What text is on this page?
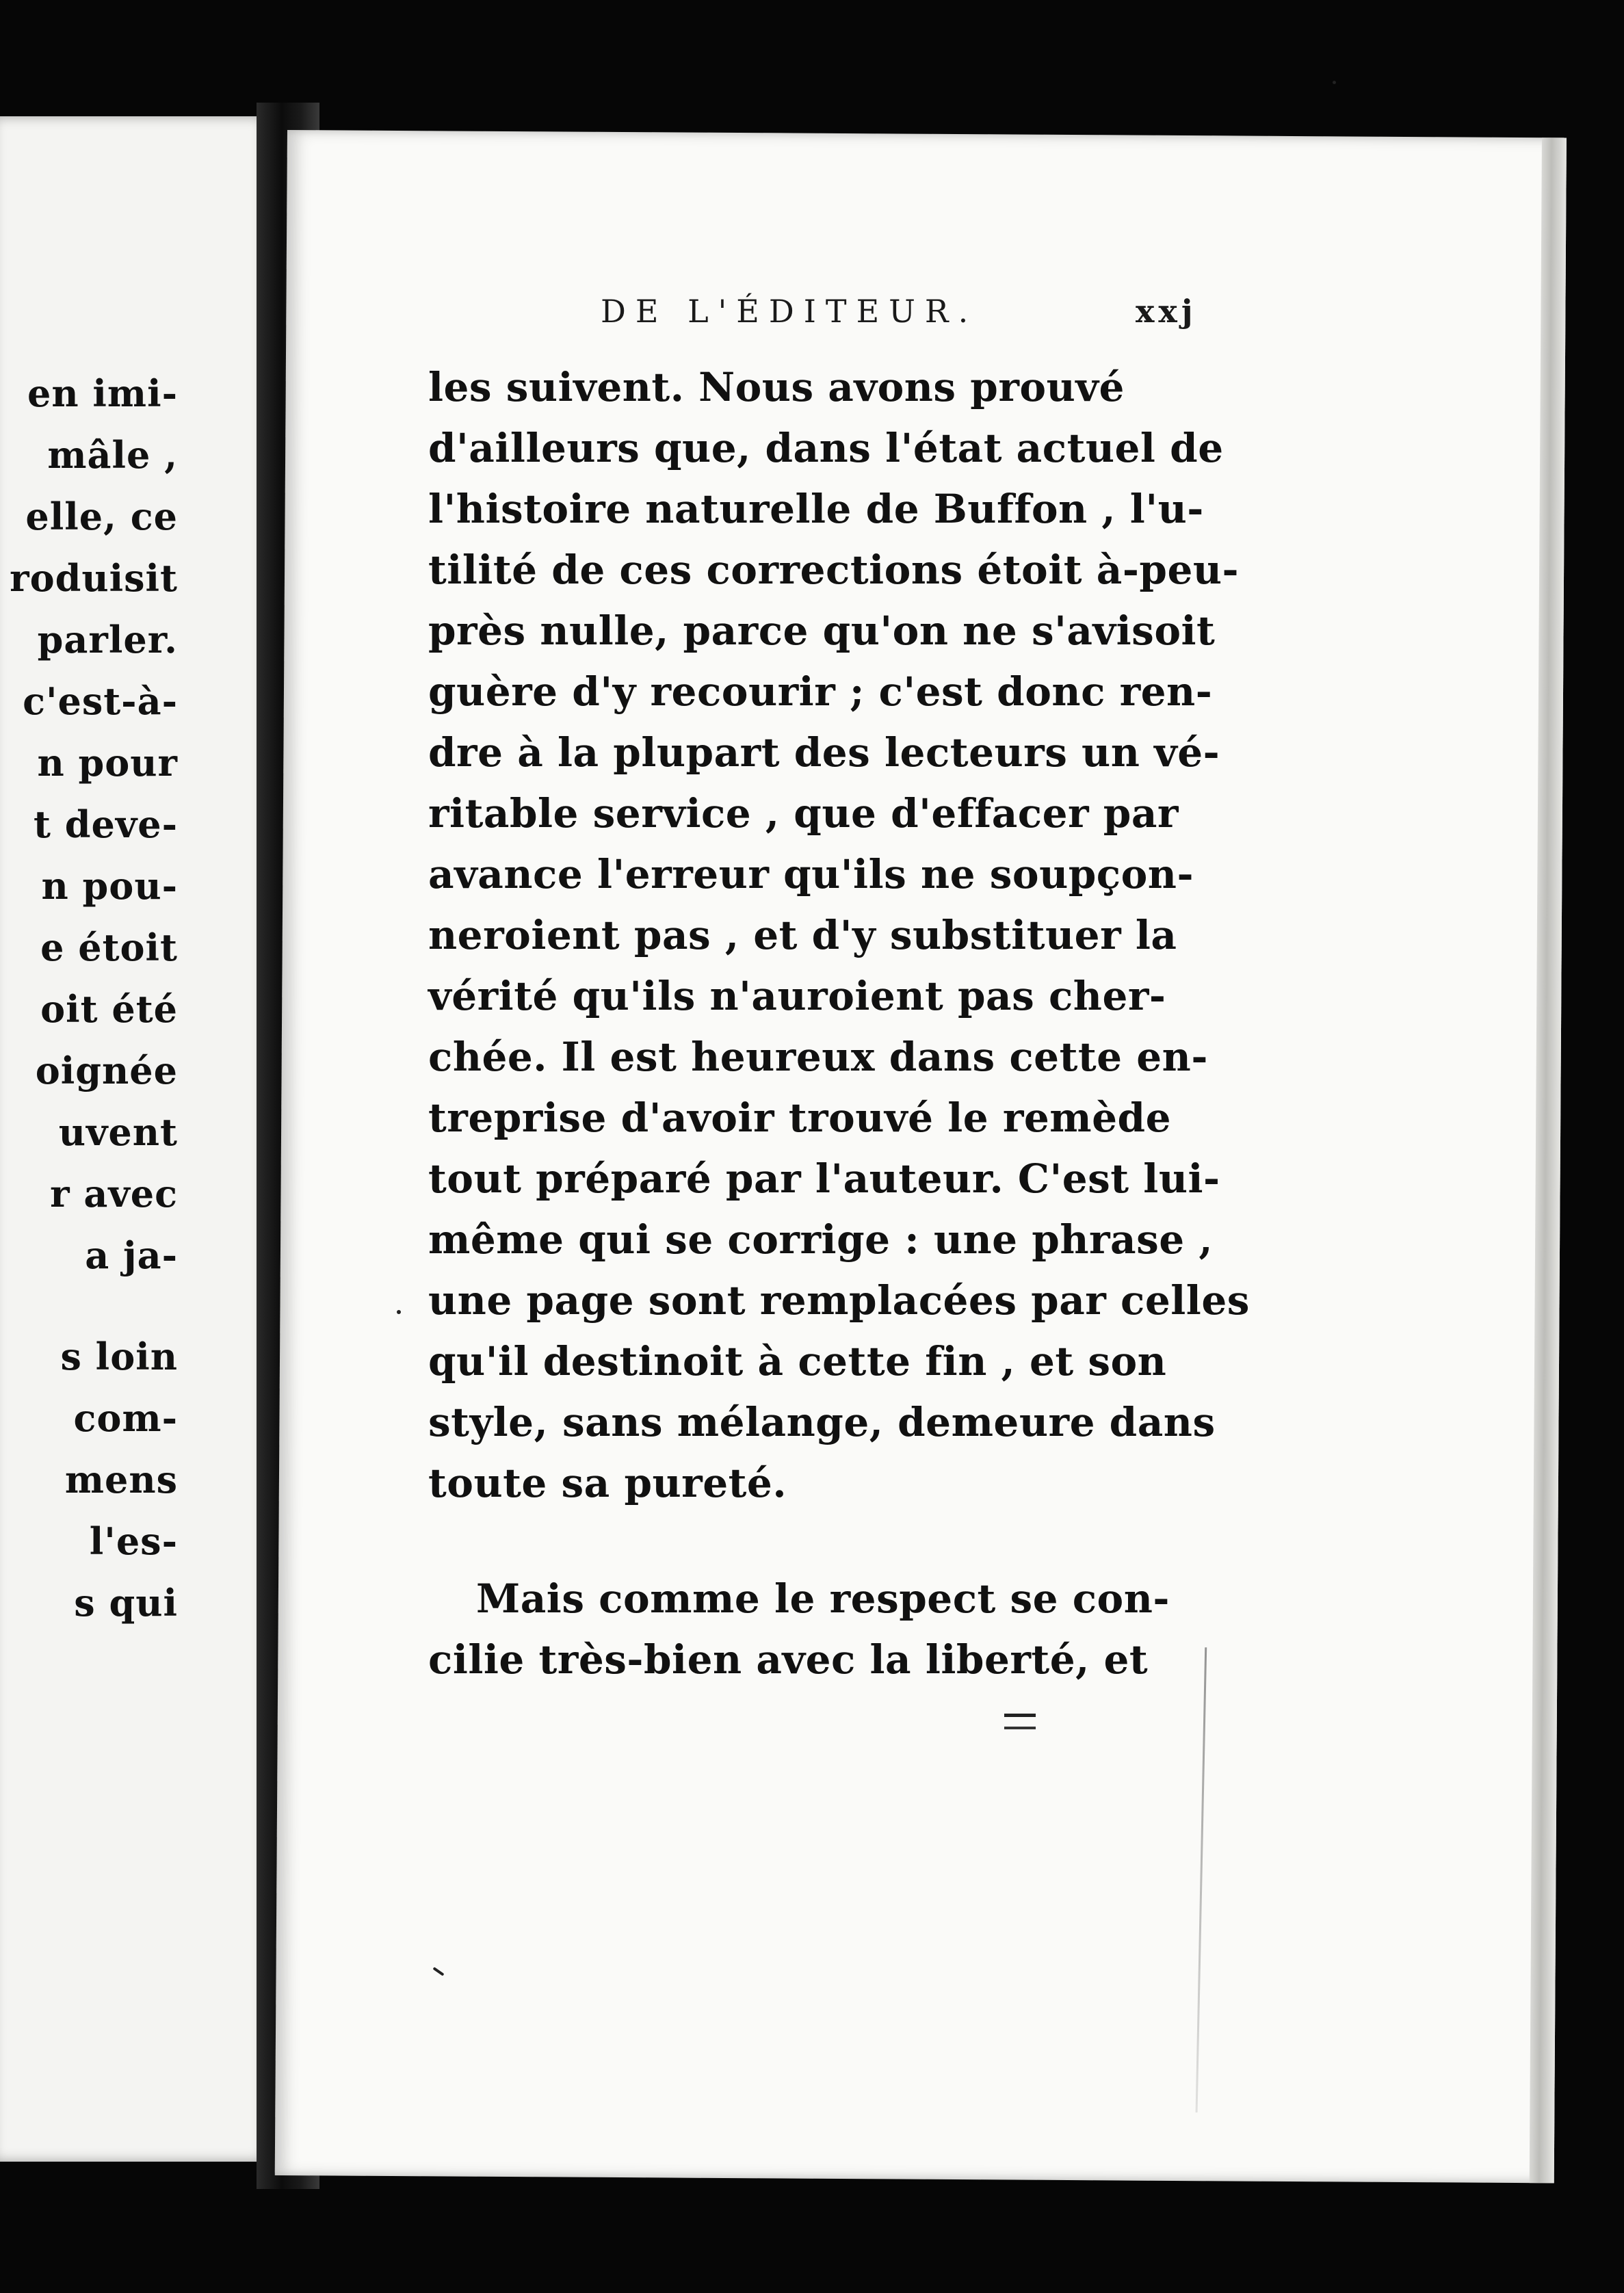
en imi-
mâle ,
elle, ce
roduisit
parler.
c'est-à-
n pour
t deve-
n pou-
e étoit
oit été
oignée
uvent
r avec
a ja-
s loin
com-
mens
l'es-
s qui
DE L'ÉDITEUR.	xxj
les suivent. Nous avons prouvé
d'ailleurs que, dans l'état actuel de
l'histoire naturelle de Buffon , l'u-
tilité de ces corrections étoit à-peu-
près nulle, parce qu'on ne s'avisoit
guère d'y recourir ; c'est donc ren-
dre à la plupart des lecteurs un vé-
ritable service , que d'effacer par
avance l'erreur qu'ils ne soupçon-
neroient pas , et d'y substituer la
vérité qu'ils n'auroient pas cher-
chée. Il est heureux dans cette en-
treprise d'avoir trouvé le remède
tout préparé par l'auteur. C'est lui-
même qui se corrige : une phrase ,
une page sont remplacées par celles
qu'il destinoit à cette fin , et son
style, sans mélange, demeure dans
toute sa pureté.
Mais comme le respect se con-
cilie très-bien avec la liberté, et
